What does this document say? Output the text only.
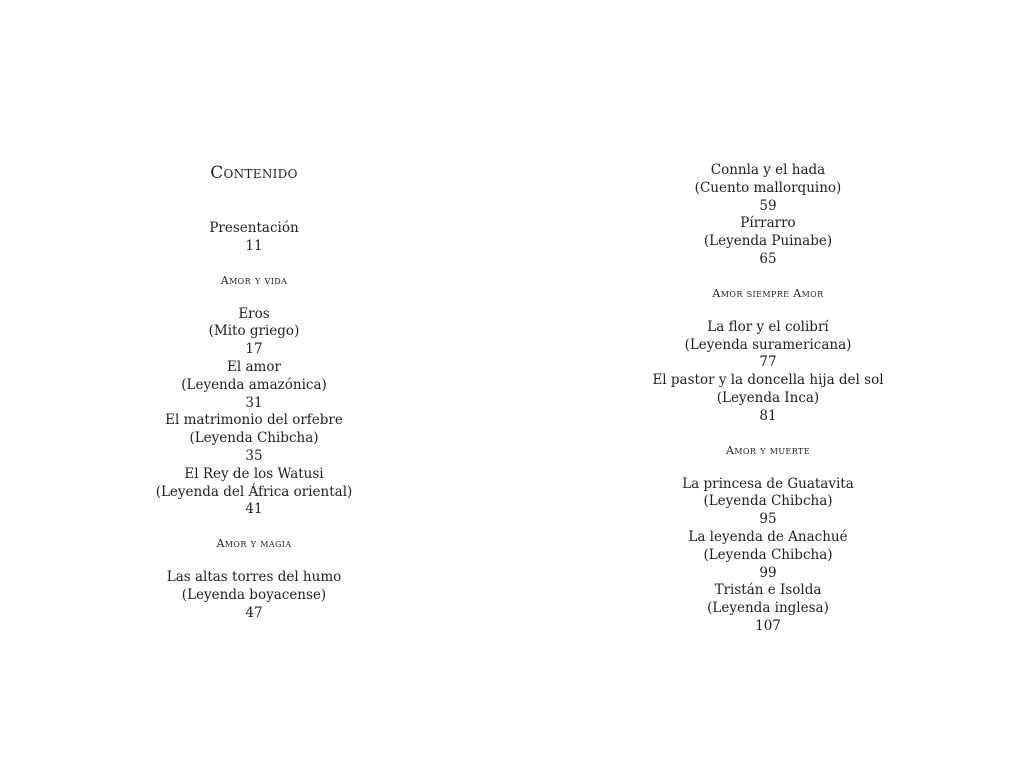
Contenido
Presentación
11
Amor y vida
Eros
(Mito griego)
17
El amor
(Leyenda amazónica)
31
El matrimonio del orfebre
(Leyenda Chibcha)
35
El Rey de los Watusi
(Leyenda del África oriental)
41
Amor y magia
Las altas torres del humo
(Leyenda boyacense)
47
Connla y el hada
(Cuento mallorquino)
59
Pírrarro
(Leyenda Puinabe)
65
Amor siempre Amor
La flor y el colibrí
(Leyenda suramericana)
77
El pastor y la doncella hija del sol
(Leyenda Inca)
81
Amor y muerte
La princesa de Guatavita
(Leyenda Chibcha)
95
La leyenda de Anachué
(Leyenda Chibcha)
99
Tristán e Isolda
(Leyenda inglesa)
107
